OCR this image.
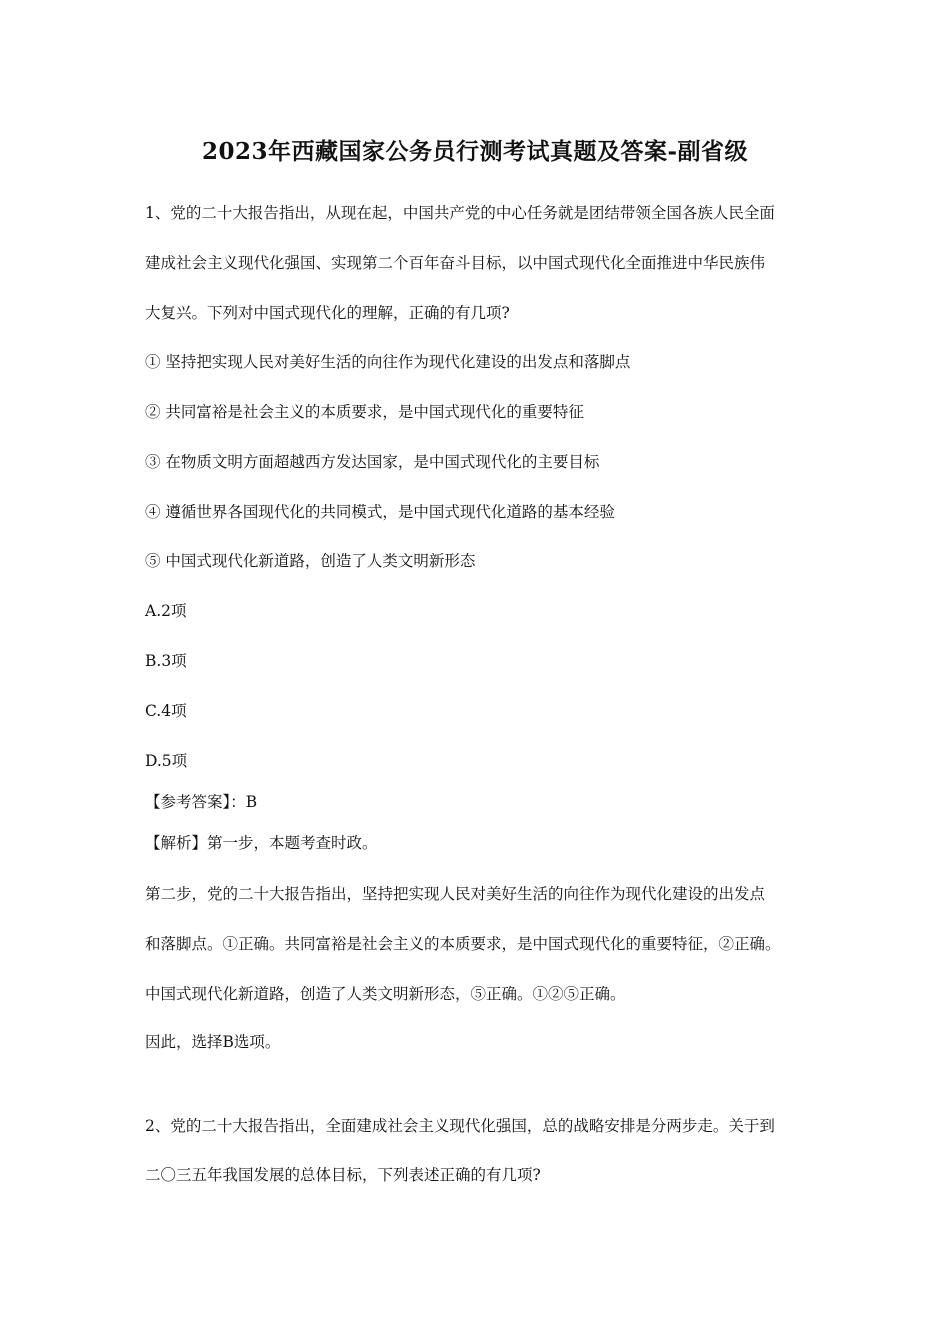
2023年西藏国家公务员行测考试真题及答案-副省级
1、党的二十大报告指出，从现在起，中国共产党的中心任务就是团结带领全国各族人民全面
建成社会主义现代化强国、实现第二个百年奋斗目标，以中国式现代化全面推进中华民族伟
大复兴。下列对中国式现代化的理解，正确的有几项?
① 坚持把实现人民对美好生活的向往作为现代化建设的出发点和落脚点
② 共同富裕是社会主义的本质要求，是中国式现代化的重要特征
③ 在物质文明方面超越西方发达国家，是中国式现代化的主要目标
④ 遵循世界各国现代化的共同模式，是中国式现代化道路的基本经验
⑤ 中国式现代化新道路，创造了人类文明新形态
A.2项
B.3项
C.4项
D.5项
【参考答案】：B
【解析】第一步，本题考查时政。
第二步，党的二十大报告指出，坚持把实现人民对美好生活的向往作为现代化建设的出发点
和落脚点。①正确。共同富裕是社会主义的本质要求，是中国式现代化的重要特征，②正确。
中国式现代化新道路，创造了人类文明新形态，⑤正确。①②⑤正确。
因此，选择B选项。
2、党的二十大报告指出，全面建成社会主义现代化强国，总的战略安排是分两步走。关于到
二〇三五年我国发展的总体目标，下列表述正确的有几项?
